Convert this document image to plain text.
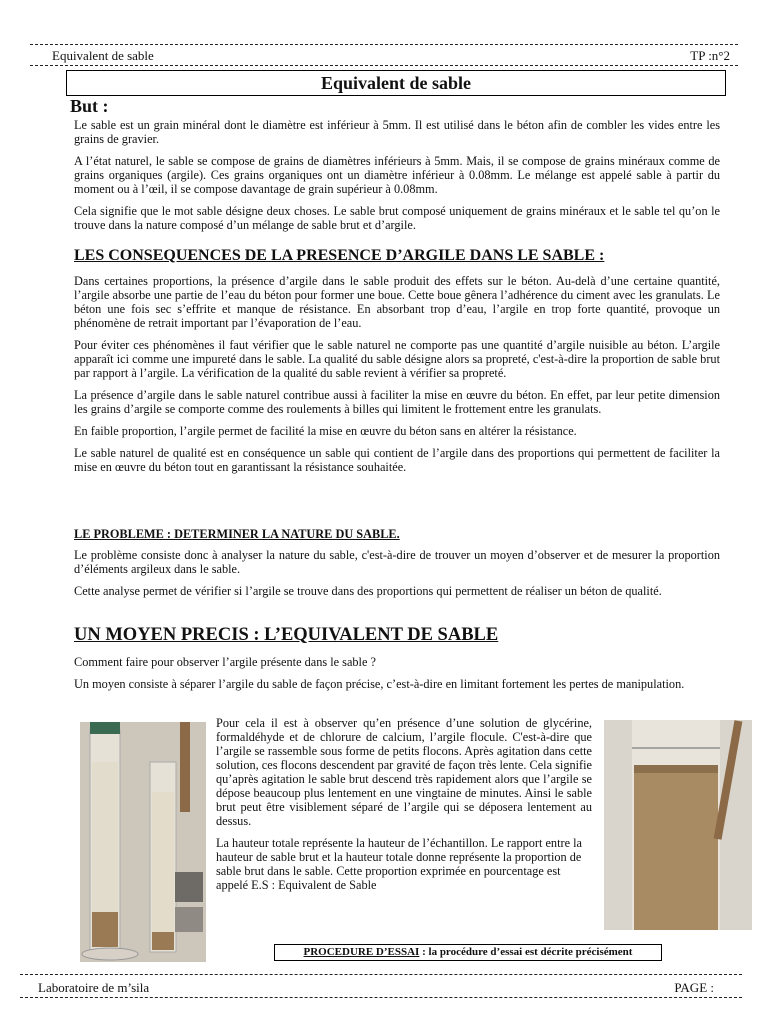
Equivalent de sable	TP :n°2
Equivalent de sable
But :

Le sable est un grain minéral dont le diamètre est inférieur à 5mm. Il est utilisé dans le béton afin de combler les vides entre les grains de gravier.

A l’état naturel, le sable se compose de grains de diamètres inférieurs à 5mm. Mais, il se compose de grains minéraux comme de grains organiques (argile). Ces grains organiques ont un diamètre inférieur à 0.08mm. Le mélange est appelé sable à partir du moment ou à l’œil, il se compose davantage de grain supérieur à 0.08mm.

Cela signifie que le mot sable désigne deux choses. Le sable brut composé uniquement de grains minéraux et le sable tel qu’on le trouve dans la nature composé d’un mélange de sable brut et d’argile.

LES CONSEQUENCES DE LA PRESENCE D’ARGILE DANS LE SABLE :

Dans certaines proportions, la présence d’argile dans le sable produit des effets sur le béton. Au-delà d’une certaine quantité, l’argile absorbe une partie de l’eau du béton pour former une boue. Cette boue gênera l’adhérence du ciment avec les granulats. Le béton une fois sec s’effrite et manque de résistance. En absorbant trop d’eau, l’argile en trop forte quantité, provoque un phénomène de retrait important par l’évaporation de l’eau.

Pour éviter ces phénomènes il faut vérifier que le sable naturel ne comporte pas une quantité d’argile nuisible au béton. L’argile apparaît ici comme une impureté dans le sable. La qualité du sable désigne alors sa propreté, c'est-à-dire la proportion de sable brut par rapport à l’argile. La vérification de la qualité du sable revient à vérifier sa propreté.

La présence d’argile dans le sable naturel contribue aussi à faciliter la mise en œuvre du béton. En effet, par leur petite dimension les grains d’argile se comporte comme des roulements à billes qui limitent le frottement entre les granulats.

En faible proportion, l’argile permet de facilité la mise en œuvre du béton sans en altérer la résistance.

Le sable naturel de qualité est en conséquence un sable qui contient de l’argile dans des proportions qui permettent de faciliter la mise en œuvre du béton tout en garantissant la résistance souhaitée.

LE PROBLEME : DETERMINER LA NATURE DU SABLE.

Le problème consiste donc à analyser la nature du sable, c'est-à-dire de trouver un moyen d’observer et de mesurer la proportion d’éléments argileux dans le sable.

Cette analyse permet de vérifier si l’argile se trouve dans des proportions qui permettent de réaliser un béton de qualité.

UN MOYEN PRECIS : L’EQUIVALENT DE SABLE

Comment faire pour observer l’argile présente dans le sable ?

Un moyen consiste à séparer l’argile du sable de façon précise, c’est-à-dire en limitant fortement les pertes de manipulation.

Pour cela il est à observer qu’en présence d’une solution de glycérine, formaldéhyde et de chlorure de calcium, l’argile flocule. C'est-à-dire que l’argile se rassemble sous forme de petits flocons. Après agitation dans cette solution, ces flocons descendent par gravité de façon très lente. Cela signifie qu’après agitation le sable brut descend très rapidement alors que l’argile se dépose beaucoup plus lentement en une vingtaine de minutes. Ainsi le sable brut peut être visiblement séparé de l’argile qui se déposera lentement au dessus.

La hauteur totale représente la hauteur de l’échantillon. Le rapport entre la hauteur de sable brut et la hauteur totale donne représente la proportion de sable brut dans le sable. Cette proportion exprimée en pourcentage est appelé E.S : Equivalent de Sable

PROCEDURE D’ESSAI : la procédure d’essai est décrite précisément
Laboratoire de m’sila	PAGE :
